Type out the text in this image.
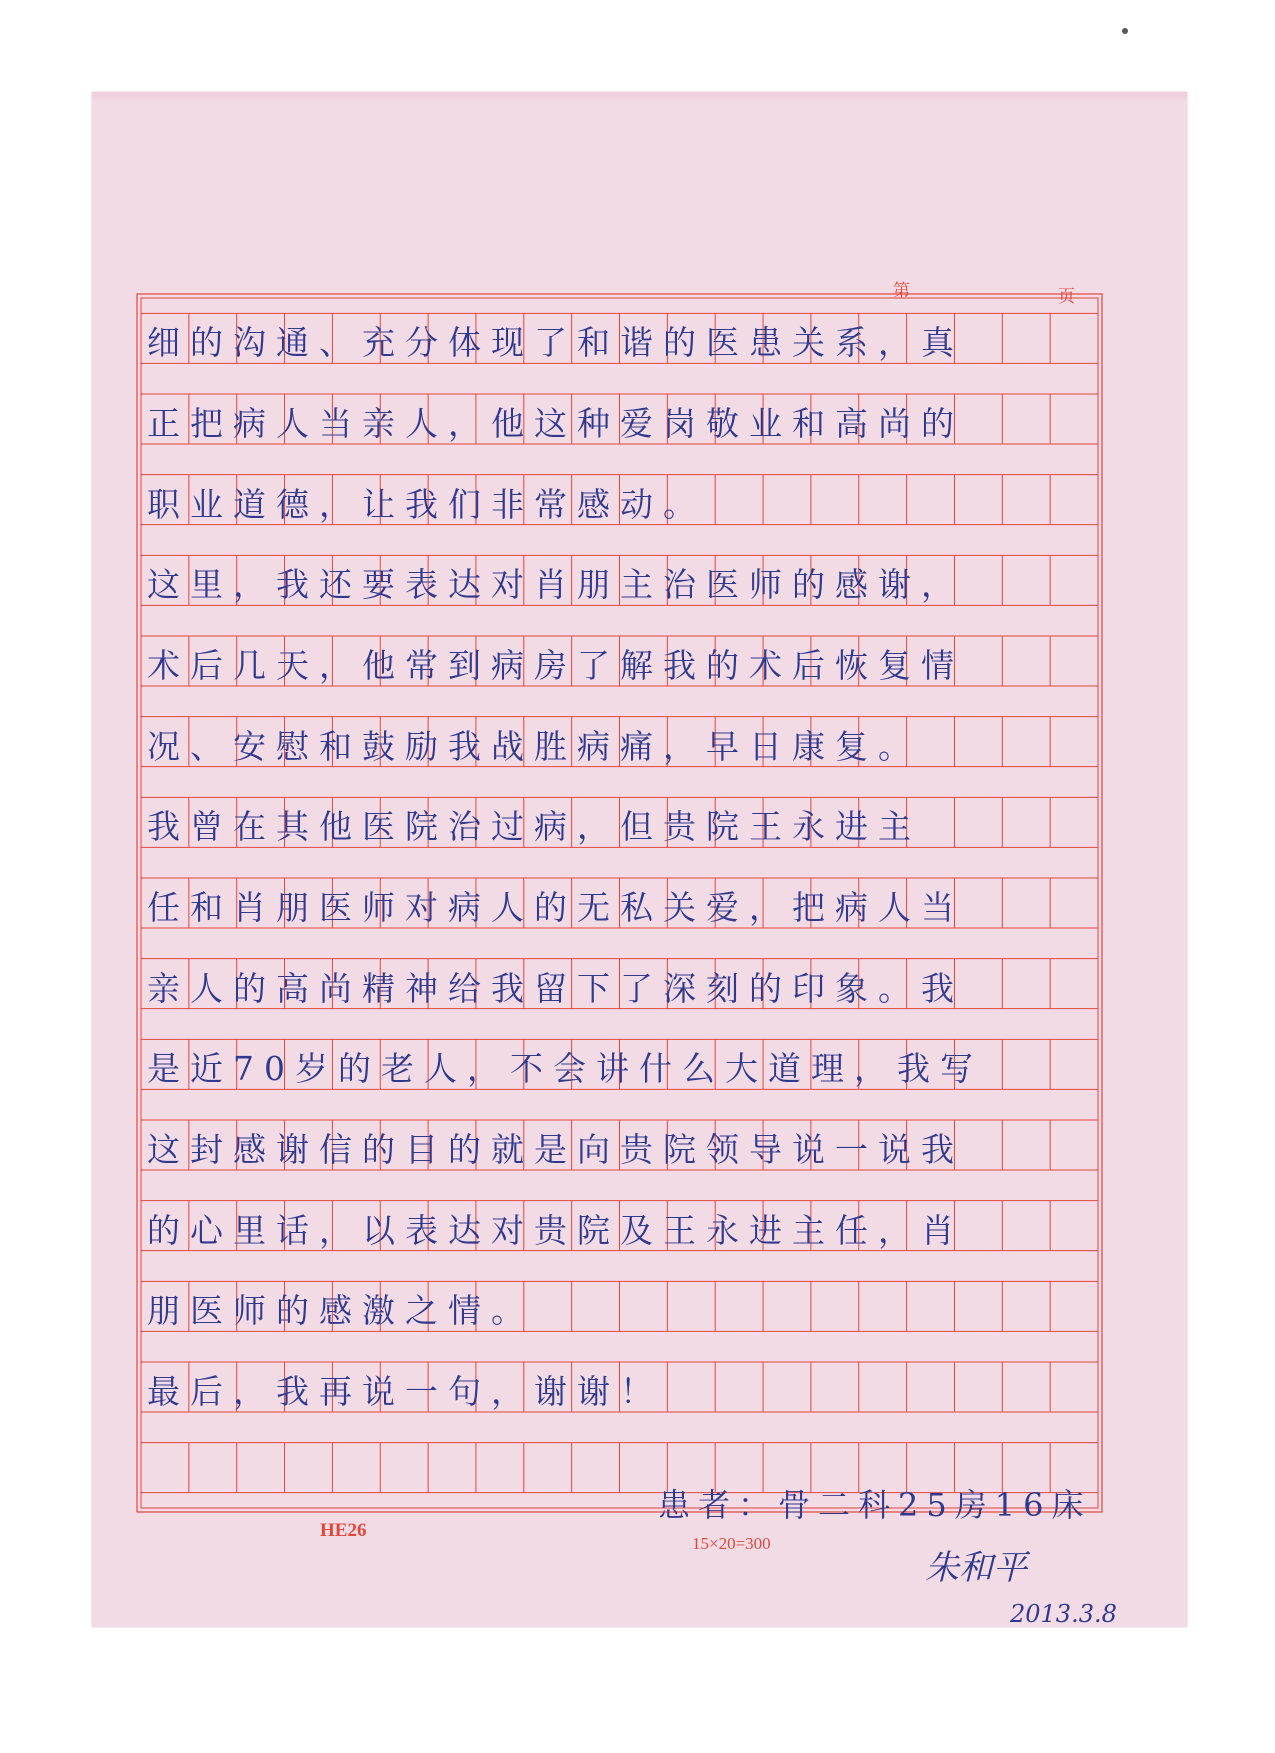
第	页
细的沟通、充分体现了和谐的医患关系，真
正把病人当亲人，他这种爱岗敬业和高尚的
职业道德，让我们非常感动。
这里，我还要表达对肖朋主治医师的感谢，
术后几天，他常到病房了解我的术后恢复情
况、安慰和鼓励我战胜病痛，早日康复。
我曾在其他医院治过病，但贵院王永进主
任和肖朋医师对病人的无私关爱，把病人当
亲人的高尚精神给我留下了深刻的印象。我
是近70岁的老人，不会讲什么大道理，我写
这封感谢信的目的就是向贵院领导说一说我
的心里话，以表达对贵院及王永进主任，肖
朋医师的感激之情。
最后，我再说一句，谢谢！
患者：骨二科25房16床
HE26
15×20=300
朱和平
2013.3.8
